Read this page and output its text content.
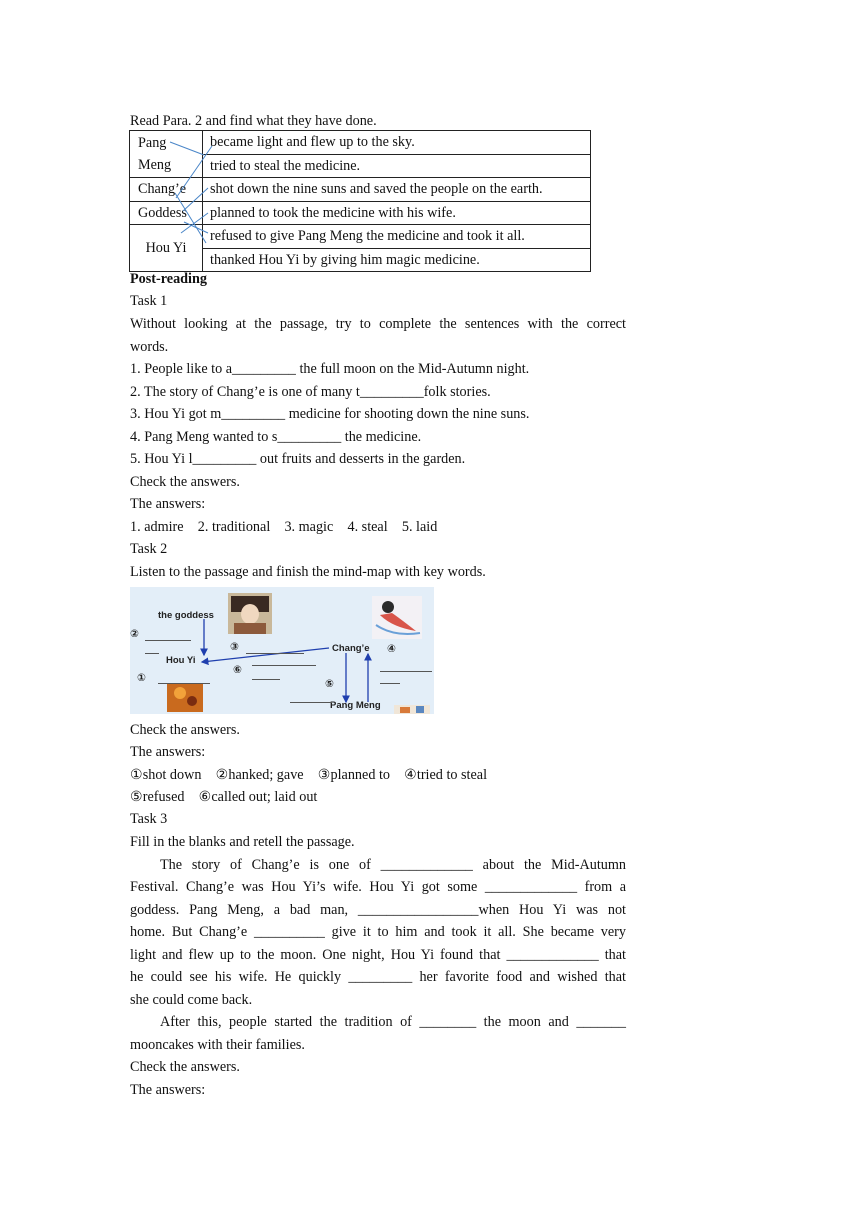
Read Para. 2 and find what they have done.
Pang
Meng	became light and flew up to the sky.
	tried to steal the medicine.
Chang’e	shot down the nine suns and saved the people on the earth.
Goddess	planned to took the medicine with his wife.
Hou Yi	refused to give Pang Meng the medicine and took it all.
	thanked Hou Yi by giving him magic medicine.
Post-reading
Task 1
Without looking at the passage, try to complete the sentences with the correct
words.
1. People like to a_________ the full moon on the Mid-Autumn night.
2. The story of Chang’e is one of many t_________folk stories.
3. Hou Yi got m_________ medicine for shooting down the nine suns.
4. Pang Meng wanted to s_________ the medicine.
5. Hou Yi l_________ out fruits and desserts in the garden.
Check the answers.
The answers:
1. admire    2. traditional    3. magic    4. steal    5. laid
Task 2
Listen to the passage and finish the mind-map with key words.
the goddess
Hou Yi
Chang’e
Pang Meng
②
③	④
⑥
⑤
①
Check the answers.
The answers:
①shot down    ②hanked; gave    ③planned to    ④tried to steal
⑤refused    ⑥called out; laid out
Task 3
Fill in the blanks and retell the passage.
The story of Chang’e is one of _____________ about the Mid-Autumn
Festival. Chang’e was Hou Yi’s wife. Hou Yi got some _____________ from a
goddess. Pang Meng, a bad man, _________________when Hou Yi was not
home. But Chang’e __________ give it to him and took it all. She became very
light and flew up to the moon. One night, Hou Yi found that _____________ that
he could see his wife. He quickly _________ her favorite food and wished that
she could come back.
After this, people started the tradition of ________ the moon and _______
mooncakes with their families.
Check the answers.
The answers:
